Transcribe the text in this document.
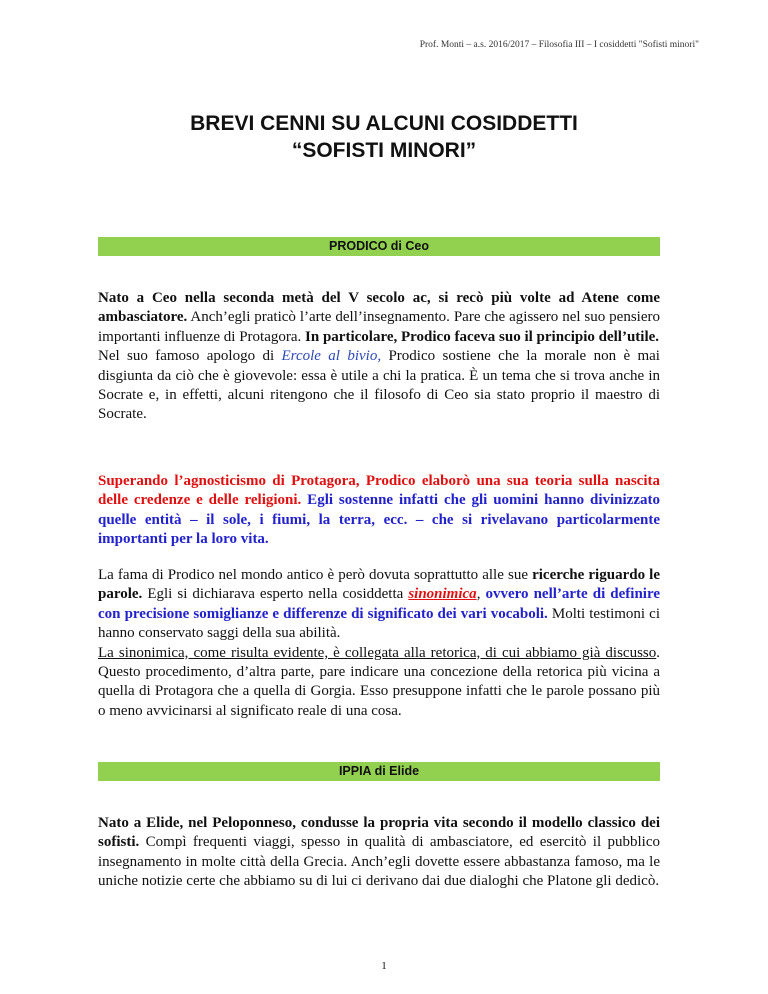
Prof. Monti – a.s. 2016/2017 – Filosofia III – I cosiddetti "Sofisti minori"
BREVI CENNI SU ALCUNI COSIDDETTI
“SOFISTI MINORI”
PRODICO di Ceo

Nato a Ceo nella seconda metà del V secolo ac, si recò più volte ad Atene come ambasciatore. Anch’egli praticò l’arte dell’insegnamento. Pare che agissero nel suo pensiero importanti influenze di Protagora. In particolare, Prodico faceva suo il principio dell’utile.
Nel suo famoso apologo di Ercole al bivio, Prodico sostiene che la morale non è mai disgiunta da ciò che è giovevole: essa è utile a chi la pratica. È un tema che si trova anche in Socrate e, in effetti, alcuni ritengono che il filosofo di Ceo sia stato proprio il maestro di Socrate.

Superando l’agnosticismo di Protagora, Prodico elaborò una sua teoria sulla nascita delle credenze e delle religioni. Egli sostenne infatti che gli uomini hanno divinizzato quelle entità – il sole, i fiumi, la terra, ecc. – che si rivelavano particolarmente importanti per la loro vita.

La fama di Prodico nel mondo antico è però dovuta soprattutto alle sue ricerche riguardo le parole. Egli si dichiarava esperto nella cosiddetta sinonimica, ovvero nell’arte di definire con precisione somiglianze e differenze di significato dei vari vocaboli. Molti testimoni ci hanno conservato saggi della sua abilità.
La sinonimica, come risulta evidente, è collegata alla retorica, di cui abbiamo già discusso. Questo procedimento, d’altra parte, pare indicare una concezione della retorica più vicina a quella di Protagora che a quella di Gorgia. Esso presuppone infatti che le parole possano più o meno avvicinarsi al significato reale di una cosa.

IPPIA di Elide

Nato a Elide, nel Peloponneso, condusse la propria vita secondo il modello classico dei sofisti. Compì frequenti viaggi, spesso in qualità di ambasciatore, ed esercitò il pubblico insegnamento in molte città della Grecia. Anch’egli dovette essere abbastanza famoso, ma le uniche notizie certe che abbiamo su di lui ci derivano dai due dialoghi che Platone gli dedicò.

1
